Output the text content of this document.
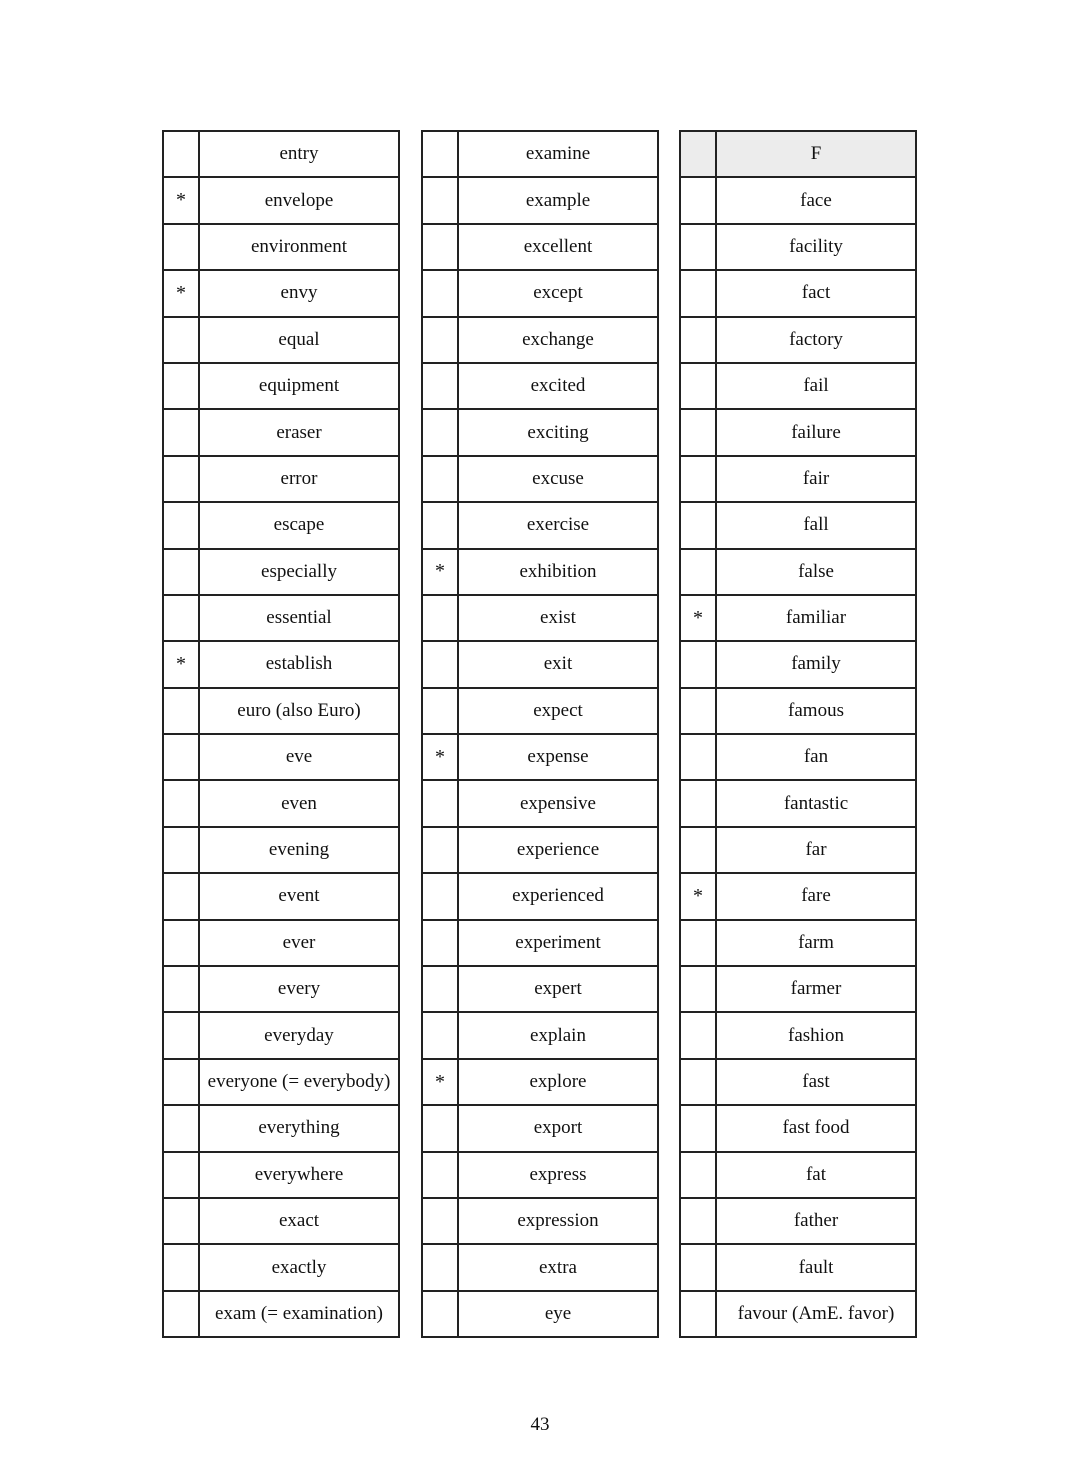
	entry
*	envelope
	environment
*	envy
	equal
	equipment
	eraser
	error
	escape
	especially
	essential
*	establish
	euro (also Euro)
	eve
	even
	evening
	event
	ever
	every
	everyday
	everyone (= everybody)
	everything
	everywhere
	exact
	exactly
	exam (= examination)
	examine
	example
	excellent
	except
	exchange
	excited
	exciting
	excuse
	exercise
*	exhibition
	exist
	exit
	expect
*	expense
	expensive
	experience
	experienced
	experiment
	expert
	explain
*	explore
	export
	express
	expression
	extra
	eye
	F
	face
	facility
	fact
	factory
	fail
	failure
	fair
	fall
	false
*	familiar
	family
	famous
	fan
	fantastic
	far
*	fare
	farm
	farmer
	fashion
	fast
	fast food
	fat
	father
	fault
	favour (AmE. favor)
43
